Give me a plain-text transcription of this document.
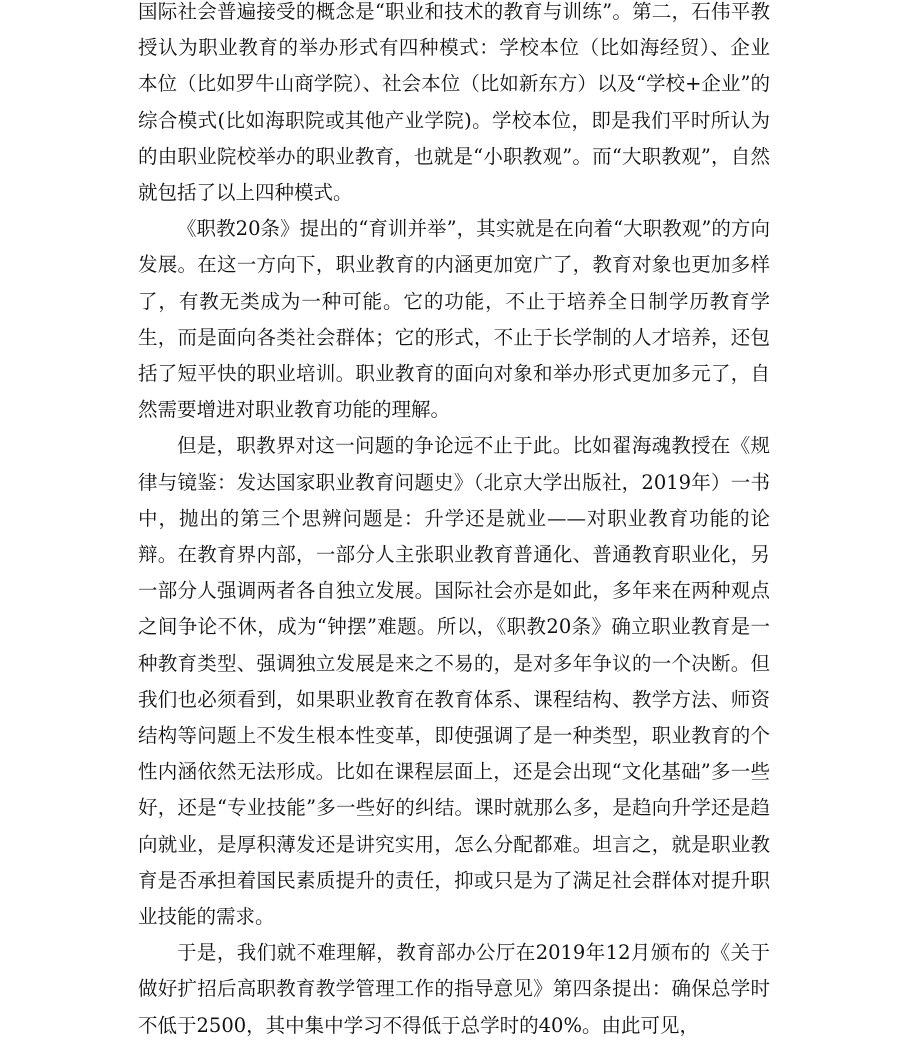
国际社会普遍接受的概念是“职业和技术的教育与训练”。第二，石伟平教授认为职业教育的举办形式有四种模式：学校本位（比如海经贸）、企业本位（比如罗牛山商学院）、社会本位（比如新东方）以及“学校+企业”的综合模式(比如海职院或其他产业学院)。学校本位，即是我们平时所认为的由职业院校举办的职业教育，也就是“小职教观”。而“大职教观”，自然就包括了以上四种模式。

《职教20条》提出的“育训并举”，其实就是在向着“大职教观”的方向发展。在这一方向下，职业教育的内涵更加宽广了，教育对象也更加多样了，有教无类成为一种可能。它的功能，不止于培养全日制学历教育学生，而是面向各类社会群体；它的形式，不止于长学制的人才培养，还包括了短平快的职业培训。职业教育的面向对象和举办形式更加多元了，自然需要增进对职业教育功能的理解。

但是，职教界对这一问题的争论远不止于此。比如翟海魂教授在《规律与镜鉴：发达国家职业教育问题史》（北京大学出版社，2019年）一书中，抛出的第三个思辨问题是：升学还是就业——对职业教育功能的论辩。在教育界内部，一部分人主张职业教育普通化、普通教育职业化，另一部分人强调两者各自独立发展。国际社会亦是如此，多年来在两种观点之间争论不休，成为“钟摆”难题。所以，《职教20条》确立职业教育是一种教育类型、强调独立发展是来之不易的，是对多年争议的一个决断。但我们也必须看到，如果职业教育在教育体系、课程结构、教学方法、师资结构等问题上不发生根本性变革，即使强调了是一种类型，职业教育的个性内涵依然无法形成。比如在课程层面上，还是会出现“文化基础”多一些好，还是“专业技能”多一些好的纠结。课时就那么多，是趋向升学还是趋向就业，是厚积薄发还是讲究实用，怎么分配都难。坦言之，就是职业教育是否承担着国民素质提升的责任，抑或只是为了满足社会群体对提升职业技能的需求。

于是，我们就不难理解，教育部办公厅在2019年12月颁布的《关于做好扩招后高职教育教学管理工作的指导意见》第四条提出：确保总学时不低于2500，其中集中学习不得低于总学时的40%。由此可见，
